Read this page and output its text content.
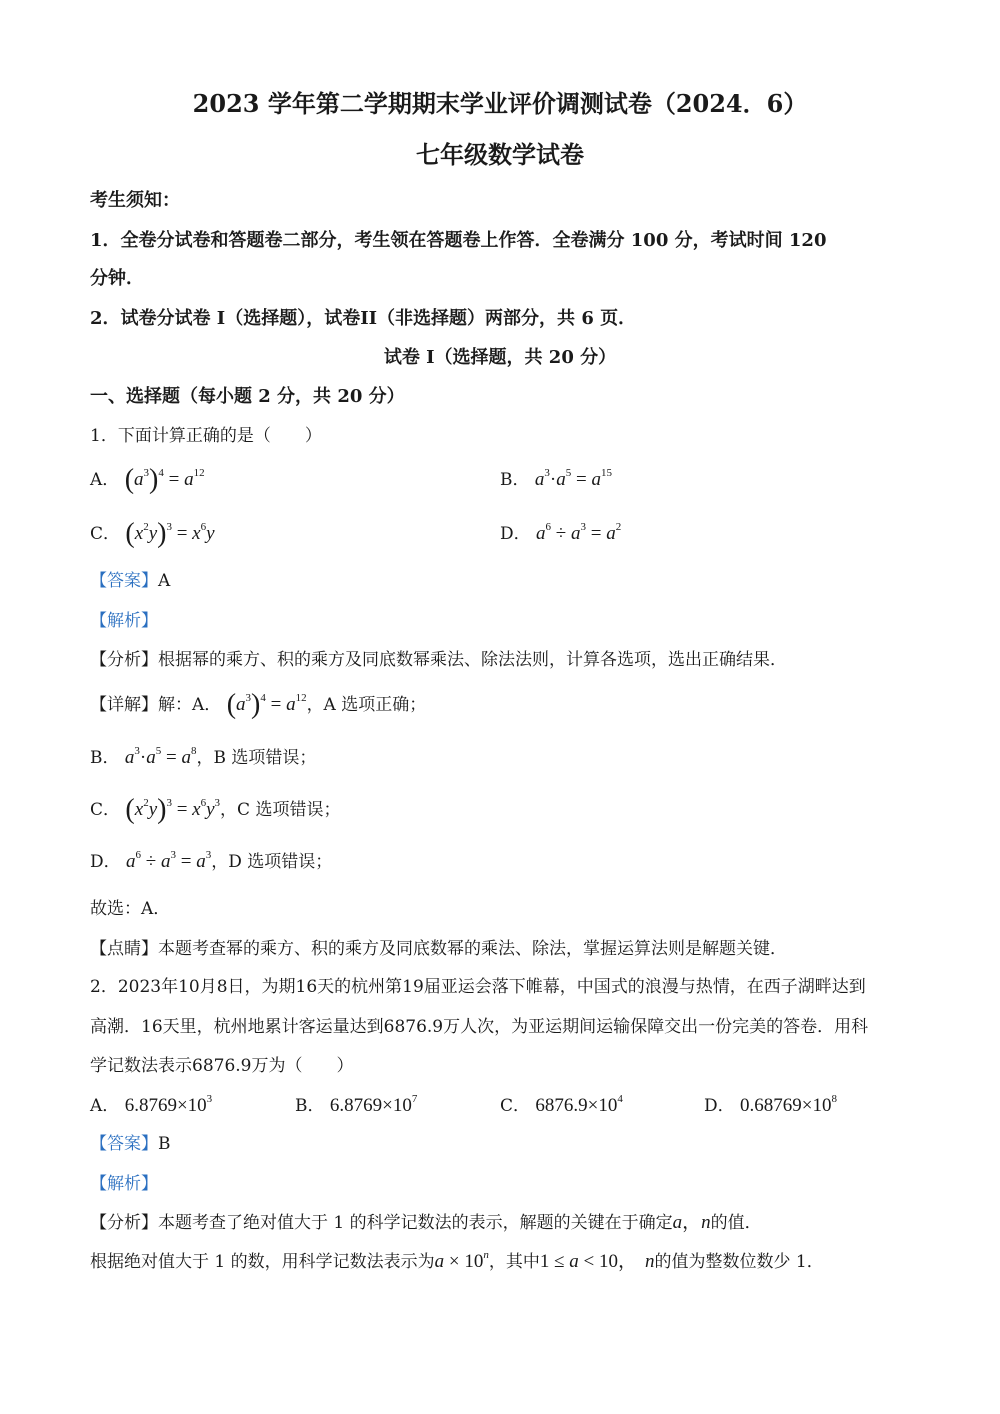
2023 学年第二学期期末学业评价调测试卷（2024．6）
七年级数学试卷
考生须知：
1．全卷分试卷和答题卷二部分，考生领在答题卷上作答．全卷满分 100 分，考试时间 120
分钟．
2．试卷分试卷 I（选择题），试卷II（非选择题）两部分，共 6 页．
试卷 I（选择题，共 20 分）
一、选择题（每小题 2 分，共 20 分）
1．下面计算正确的是（　　）
A． $(a^3)^4 = a^{12}$	B． $a^3\cdot a^5 = a^{15}$
C． $(x^2y)^3 = x^6y$	D． $a^6 \div a^3 = a^2$
【答案】A
【解析】
【分析】根据幂的乘方、积的乘方及同底数幂乘法、除法法则，计算各选项，选出正确结果．
【详解】解：A． $(a^3)^4 = a^{12}$，A 选项正确；
B． $a^3\cdot a^5 = a^8$，B 选项错误；
C． $(x^2y)^3 = x^6y^3$，C 选项错误；
D． $a^6 \div a^3 = a^3$，D 选项错误；
故选：A．
【点睛】本题考查幂的乘方、积的乘方及同底数幂的乘法、除法，掌握运算法则是解题关键．
2．2023年10月8日，为期16天的杭州第19届亚运会落下帷幕，中国式的浪漫与热情，在西子湖畔达到
高潮．16天里，杭州地累计客运量达到6876.9万人次，为亚运期间运输保障交出一份完美的答卷．用科
学记数法表示6876.9万为（　　）
A． $6.8769\times 10^3$	B． $6.8769\times 10^7$	C． $6876.9\times 10^4$	D． $0.68769\times 10^8$
【答案】B
【解析】
【分析】本题考查了绝对值大于 1 的科学记数法的表示，解题的关键在于确定a，n的值．
根据绝对值大于 1 的数，用科学记数法表示为$a \times 10^n$，其中1 ≤ a < 10， n的值为整数位数少 1．
